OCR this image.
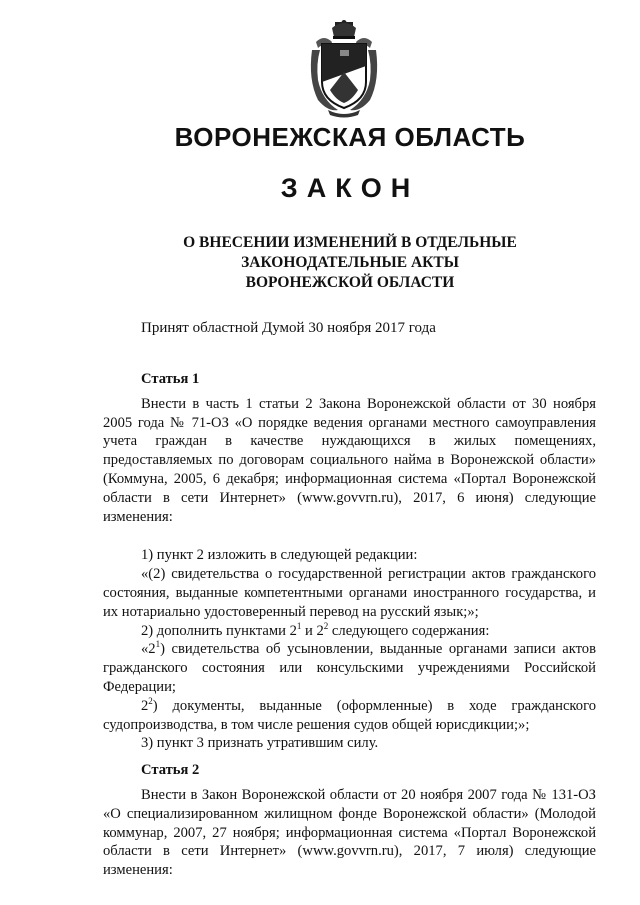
ВОРОНЕЖСКАЯ ОБЛАСТЬ
ЗАКОН
О ВНЕСЕНИИ ИЗМЕНЕНИЙ В ОТДЕЛЬНЫЕ
ЗАКОНОДАТЕЛЬНЫЕ АКТЫ
ВОРОНЕЖСКОЙ ОБЛАСТИ
Принят областной Думой 30 ноября 2017 года
Статья 1

Внести в часть 1 статьи 2 Закона Воронежской области от 30 ноября 2005 года № 71-ОЗ «О порядке ведения органами местного самоуправления учета граждан в качестве нуждающихся в жилых помещениях, предоставляемых по договорам социального найма в Воронежской области» (Коммуна, 2005, 6 декабря; информационная система «Портал Воронежской области в сети Интернет» (www.govvrn.ru), 2017, 6 июня) следующие изменения:

1) пункт 2 изложить в следующей редакции:

«(2) свидетельства о государственной регистрации актов гражданского состояния, выданные компетентными органами иностранного государства, и их нотариально удостоверенный перевод на русский язык;»;

2) дополнить пунктами $2^1$ и $2^2$ следующего содержания:

«$2^1$) свидетельства об усыновлении, выданные органами записи актов гражданского состояния или консульскими учреждениями Российской Федерации;

$2^2$) документы, выданные (оформленные) в ходе гражданского судопроизводства, в том числе решения судов общей юрисдикции;»;

3) пункт 3 признать утратившим силу.

Статья 2

Внести в Закон Воронежской области от 20 ноября 2007 года № 131-ОЗ «О специализированном жилищном фонде Воронежской области» (Молодой коммунар, 2007, 27 ноября; информационная система «Портал Воронежской области в сети Интернет» (www.govvrn.ru), 2017, 7 июля) следующие изменения:
